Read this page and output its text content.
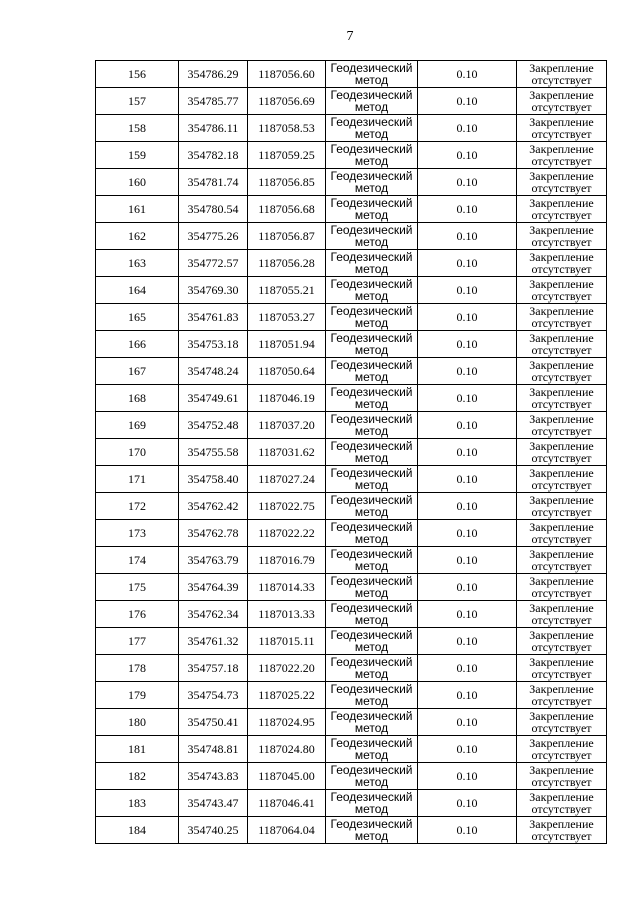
7
156	354786.29	1187056.60	Геодезический метод	0.10	Закрепление отсутствует
157	354785.77	1187056.69	Геодезический метод	0.10	Закрепление отсутствует
158	354786.11	1187058.53	Геодезический метод	0.10	Закрепление отсутствует
159	354782.18	1187059.25	Геодезический метод	0.10	Закрепление отсутствует
160	354781.74	1187056.85	Геодезический метод	0.10	Закрепление отсутствует
161	354780.54	1187056.68	Геодезический метод	0.10	Закрепление отсутствует
162	354775.26	1187056.87	Геодезический метод	0.10	Закрепление отсутствует
163	354772.57	1187056.28	Геодезический метод	0.10	Закрепление отсутствует
164	354769.30	1187055.21	Геодезический метод	0.10	Закрепление отсутствует
165	354761.83	1187053.27	Геодезический метод	0.10	Закрепление отсутствует
166	354753.18	1187051.94	Геодезический метод	0.10	Закрепление отсутствует
167	354748.24	1187050.64	Геодезический метод	0.10	Закрепление отсутствует
168	354749.61	1187046.19	Геодезический метод	0.10	Закрепление отсутствует
169	354752.48	1187037.20	Геодезический метод	0.10	Закрепление отсутствует
170	354755.58	1187031.62	Геодезический метод	0.10	Закрепление отсутствует
171	354758.40	1187027.24	Геодезический метод	0.10	Закрепление отсутствует
172	354762.42	1187022.75	Геодезический метод	0.10	Закрепление отсутствует
173	354762.78	1187022.22	Геодезический метод	0.10	Закрепление отсутствует
174	354763.79	1187016.79	Геодезический метод	0.10	Закрепление отсутствует
175	354764.39	1187014.33	Геодезический метод	0.10	Закрепление отсутствует
176	354762.34	1187013.33	Геодезический метод	0.10	Закрепление отсутствует
177	354761.32	1187015.11	Геодезический метод	0.10	Закрепление отсутствует
178	354757.18	1187022.20	Геодезический метод	0.10	Закрепление отсутствует
179	354754.73	1187025.22	Геодезический метод	0.10	Закрепление отсутствует
180	354750.41	1187024.95	Геодезический метод	0.10	Закрепление отсутствует
181	354748.81	1187024.80	Геодезический метод	0.10	Закрепление отсутствует
182	354743.83	1187045.00	Геодезический метод	0.10	Закрепление отсутствует
183	354743.47	1187046.41	Геодезический метод	0.10	Закрепление отсутствует
184	354740.25	1187064.04	Геодезический метод	0.10	Закрепление отсутствует
